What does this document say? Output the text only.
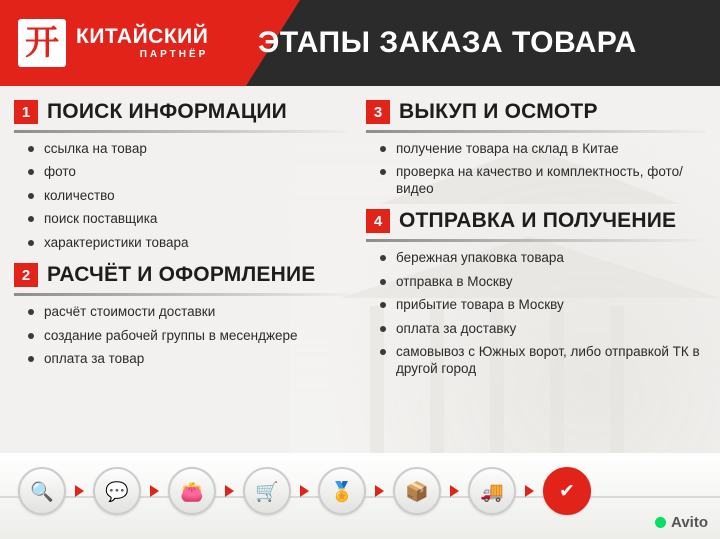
开 КИТАЙСКИЙ
ПАРТНЁР ЭТАПЫ ЗАКАЗА ТОВАРА
1 ПОИСК ИНФОРМАЦИИ
ссылка на товар
фото
количество
поиск поставщика
характеристики товара
2 РАСЧЁТ И ОФОРМЛЕНИЕ
расчёт стоимости доставки
создание рабочей группы в месенджере
оплата за товар
3 ВЫКУП И ОСМОТР
получение товара на склад в Китае
проверка на качество и комплектность, фото/видео
4 ОТПРАВКА И ПОЛУЧЕНИЕ
бережная упаковка товара
отправка в Москву
прибытие товара в Москву
оплата за доставку
самовывоз с Южных ворот, либо отправкой ТК в другой город
🔍	💬	👛	🛒	🏅	📦	🚚	✔
Avito
